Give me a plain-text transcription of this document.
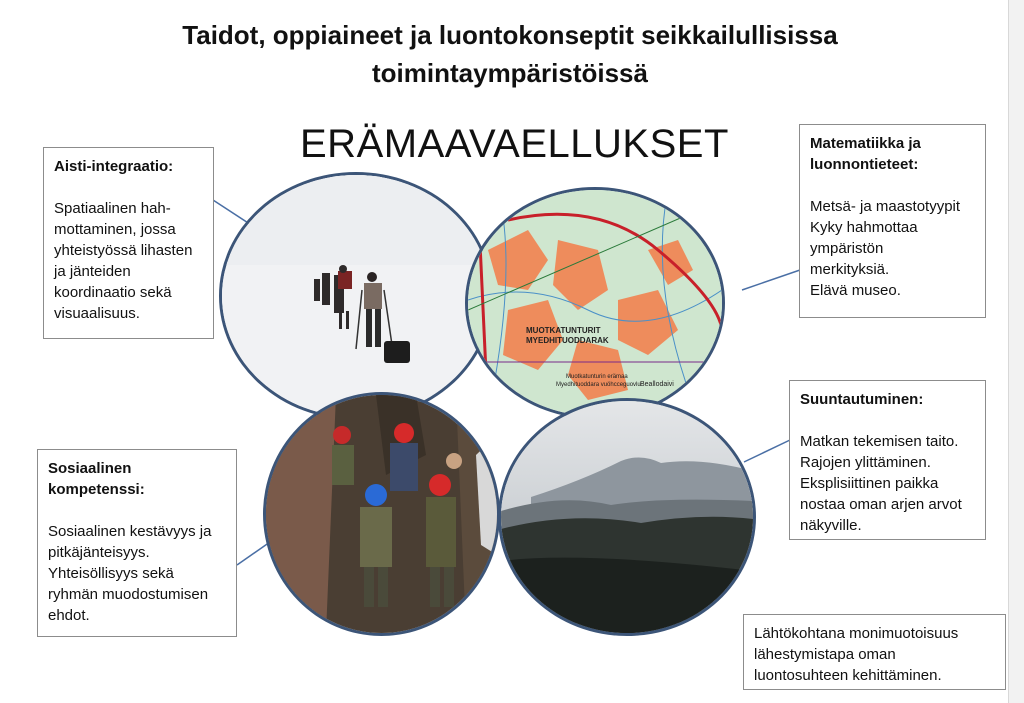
Taidot, oppiaineet ja luontokonseptit seikkailullisissa toimintaympäristöissä
ERÄMAAVAELLUKSET
MUOTKATUNTURIT
MYEDHITUODDARAK
Muotkatunturin erämaa
Myedhituoddara vuöhcceguovlu Beallodaivi
Aisti-integraatio:
Spatiaalinen hah-
mottaminen, jossa
yhteistyössä lihasten
ja jänteiden
koordinaatio sekä
visuaalisuus.
Matematiikka ja
luonnontieteet:
Metsä- ja maastotyypit
Kyky hahmottaa
ympäristön
merkityksiä.
Elävä museo.
Sosiaalinen
kompetenssi:
Sosiaalinen kestävyys ja
pitkäjänteisyys.
Yhteisöllisyys sekä
ryhmän muodostumisen
ehdot.
Suuntautuminen:
Matkan tekemisen taito.
Rajojen ylittäminen.
Eksplisiittinen paikka
nostaa oman arjen arvot
näkyville.
Lähtökohtana monimuotoisuus
lähestymistapa oman
luontosuhteen kehittäminen.
